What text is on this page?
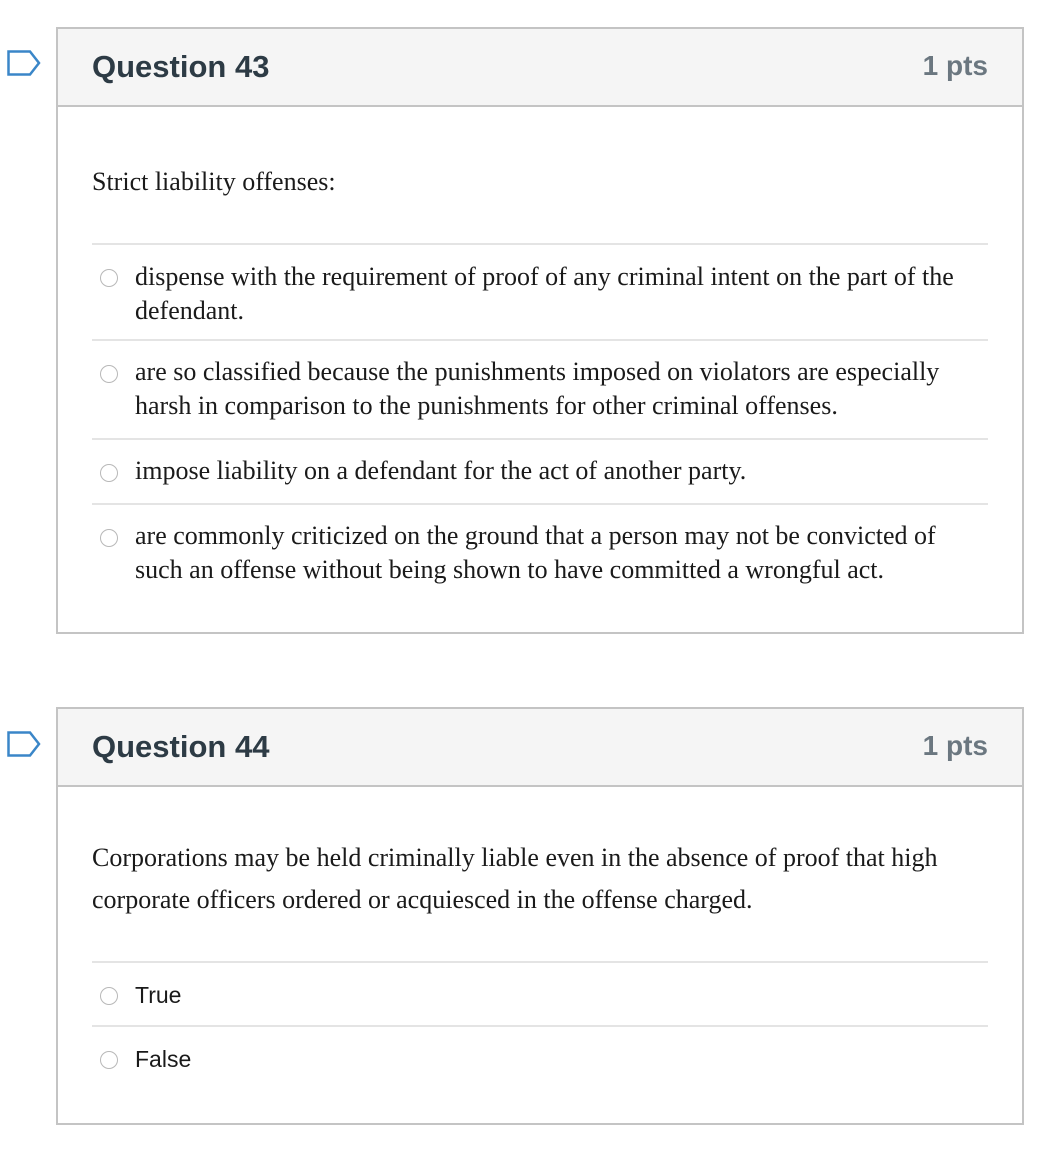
Question 43	1 pts
Strict liability offenses:
dispense with the requirement of proof of any criminal intent on the part of the defendant.
are so classified because the punishments imposed on violators are especially harsh in comparison to the punishments for other criminal offenses.
impose liability on a defendant for the act of another party.
are commonly criticized on the ground that a person may not be convicted of such an offense without being shown to have committed a wrongful act.
Question 44	1 pts
Corporations may be held criminally liable even in the absence of proof that high corporate officers ordered or acquiesced in the offense charged.
True
False
